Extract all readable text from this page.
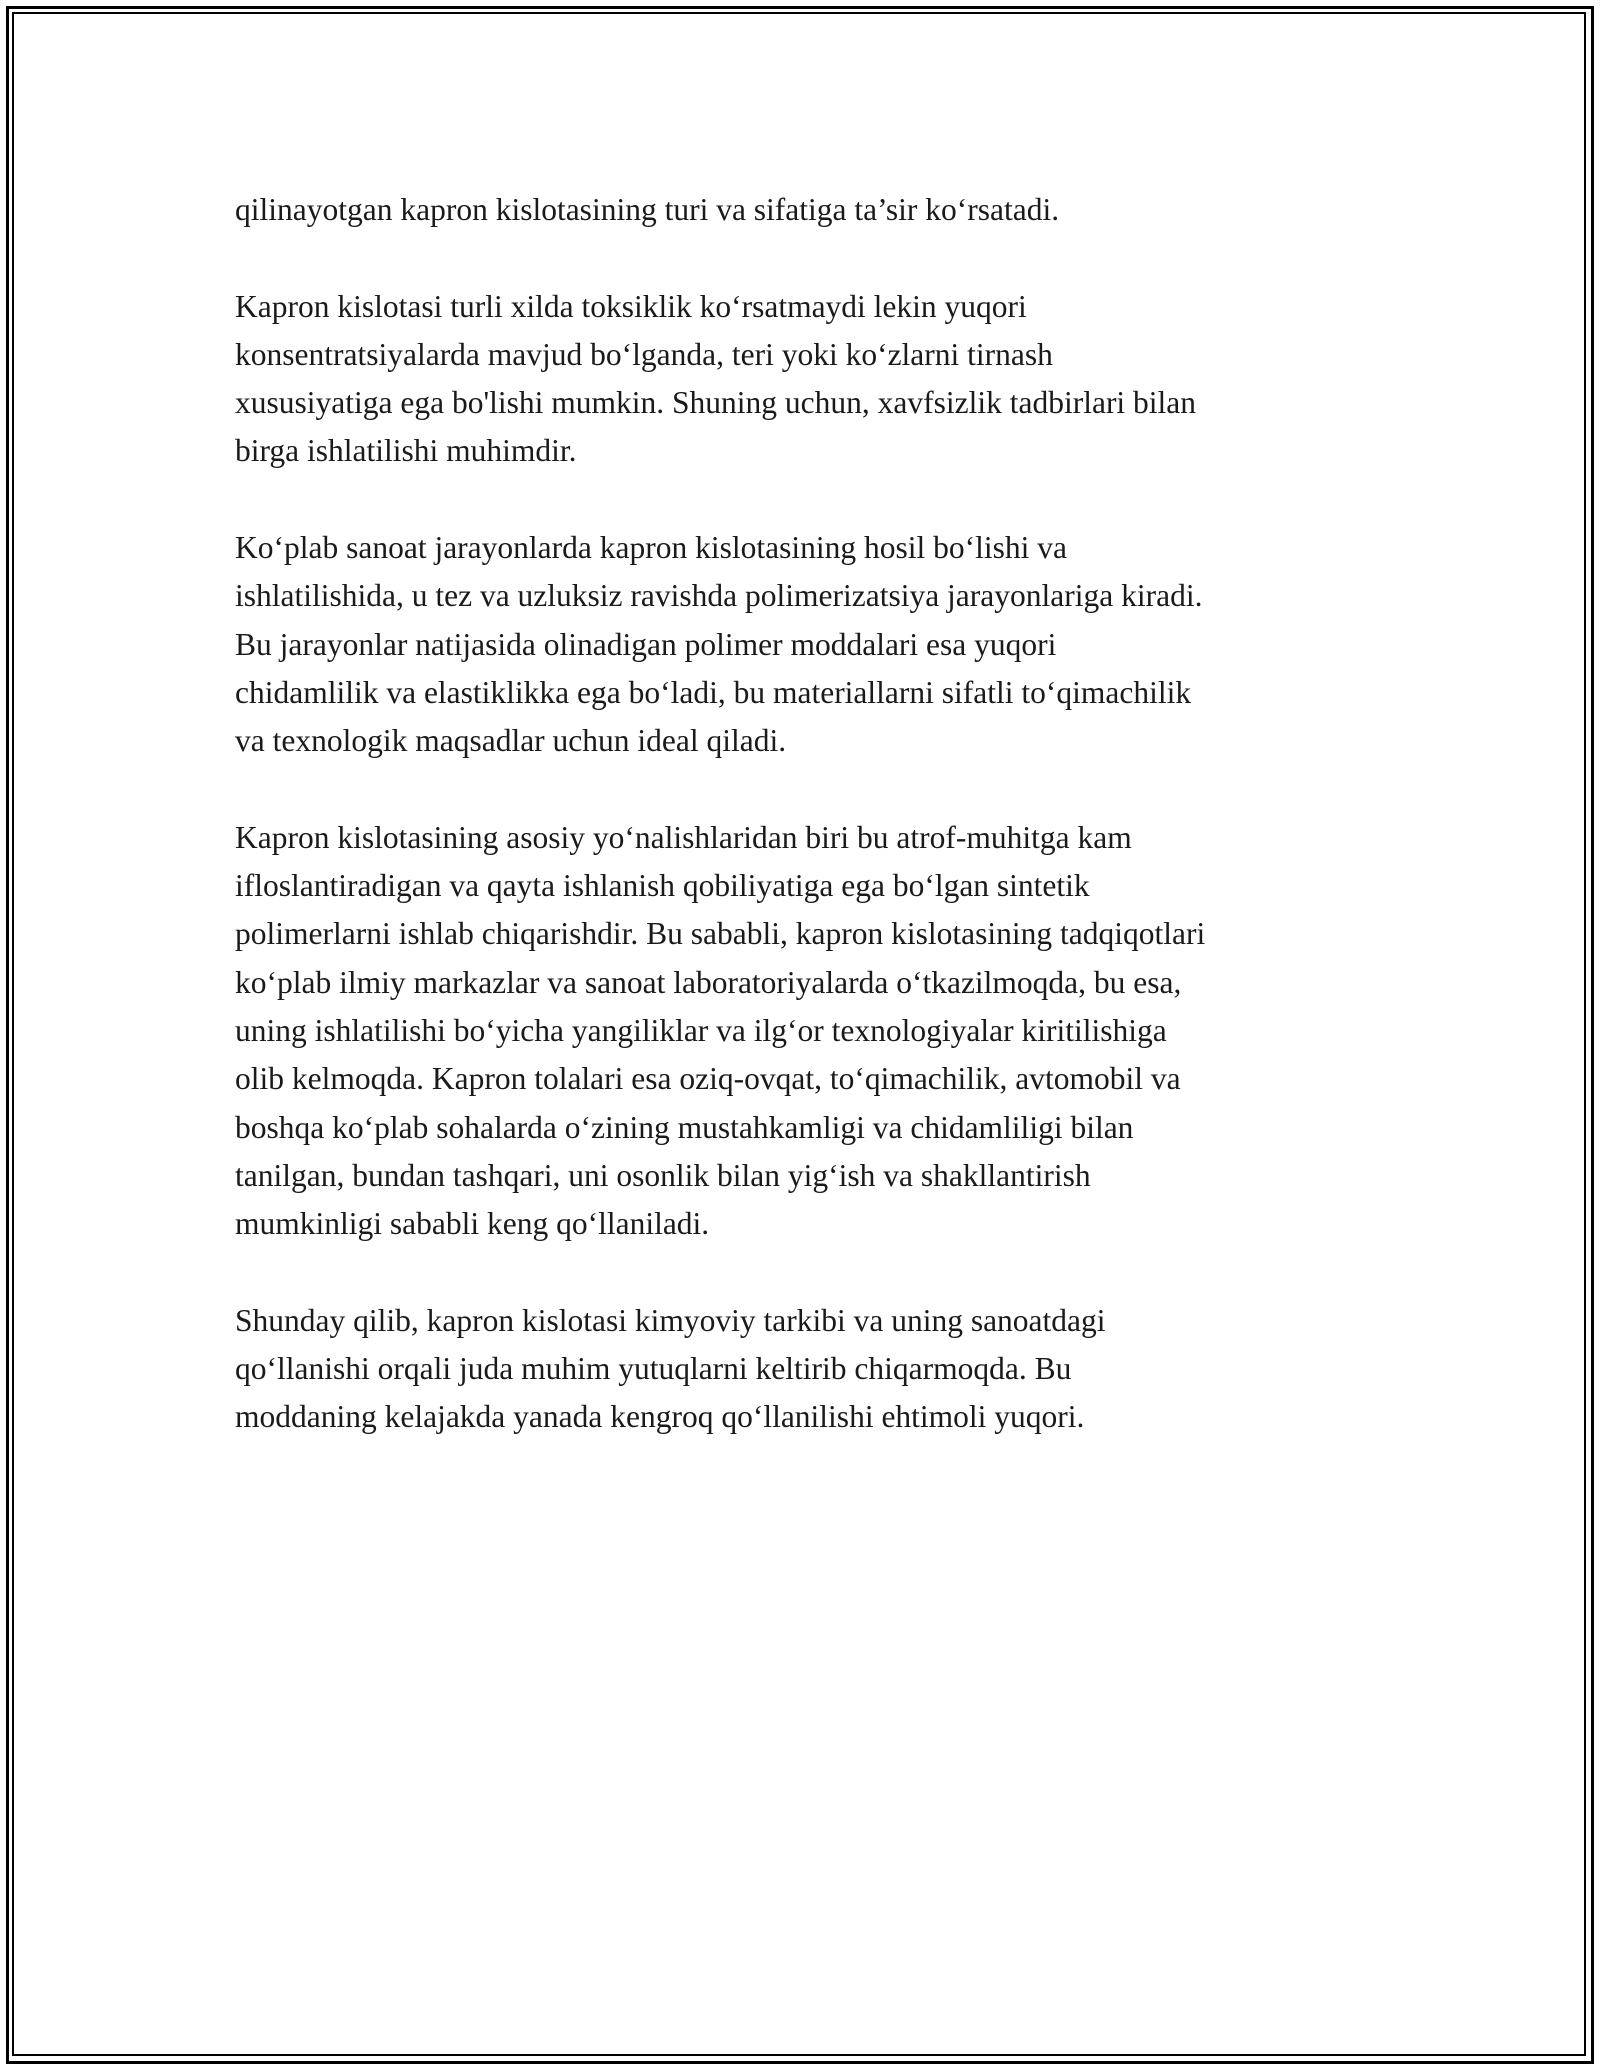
qilinayotgan kapron kislotasining turi va sifatiga ta’sir ko‘rsatadi.

Kapron kislotasi turli xilda toksiklik ko‘rsatmaydi lekin yuqori
konsentratsiyalarda mavjud bo‘lganda, teri yoki ko‘zlarni tirnash
xususiyatiga ega bo'lishi mumkin. Shuning uchun, xavfsizlik tadbirlari bilan
birga ishlatilishi muhimdir.

Ko‘plab sanoat jarayonlarda kapron kislotasining hosil bo‘lishi va
ishlatilishida, u tez va uzluksiz ravishda polimerizatsiya jarayonlariga kiradi.
Bu jarayonlar natijasida olinadigan polimer moddalari esa yuqori
chidamlilik va elastiklikka ega bo‘ladi, bu materiallarni sifatli to‘qimachilik
va texnologik maqsadlar uchun ideal qiladi.

Kapron kislotasining asosiy yo‘nalishlaridan biri bu atrof-muhitga kam
ifloslantiradigan va qayta ishlanish qobiliyatiga ega bo‘lgan sintetik
polimerlarni ishlab chiqarishdir. Bu sababli, kapron kislotasining tadqiqotlari
ko‘plab ilmiy markazlar va sanoat laboratoriyalarda o‘tkazilmoqda, bu esa,
uning ishlatilishi bo‘yicha yangiliklar va ilg‘or texnologiyalar kiritilishiga
olib kelmoqda. Kapron tolalari esa oziq-ovqat, to‘qimachilik, avtomobil va
boshqa ko‘plab sohalarda o‘zining mustahkamligi va chidamliligi bilan
tanilgan, bundan tashqari, uni osonlik bilan yig‘ish va shakllantirish
mumkinligi sababli keng qo‘llaniladi.

Shunday qilib, kapron kislotasi kimyoviy tarkibi va uning sanoatdagi
qo‘llanishi orqali juda muhim yutuqlarni keltirib chiqarmoqda. Bu
moddaning kelajakda yanada kengroq qo‘llanilishi ehtimoli yuqori.
